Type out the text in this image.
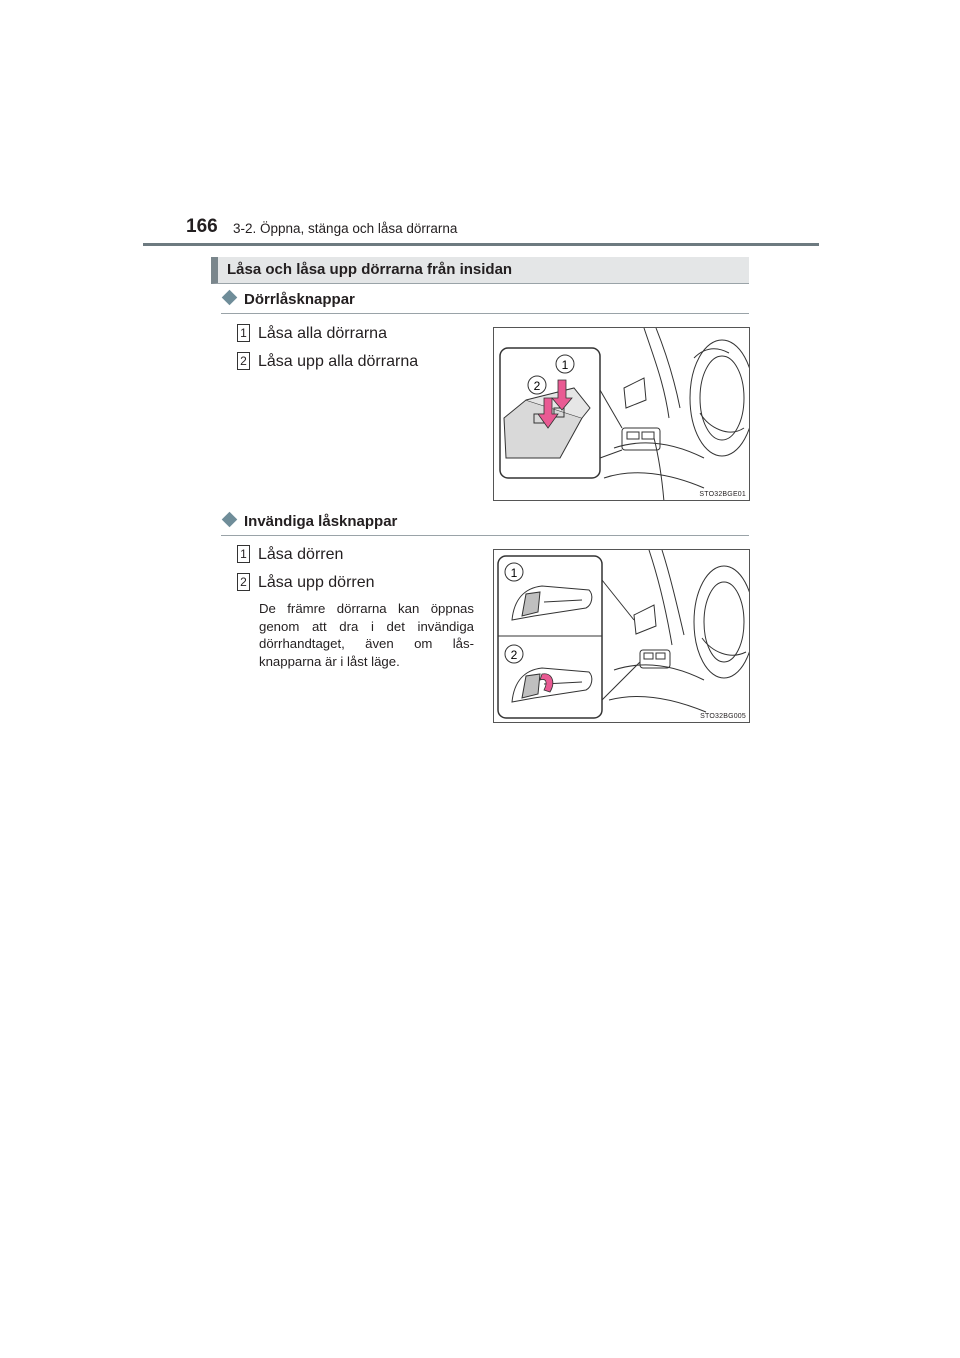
166 3-2. Öppna, stänga och låsa dörrarna
Låsa och låsa upp dörrarna från insidan
Dörrlåsknappar
1 Låsa alla dörrarna
2 Låsa upp alla dörrarna	1
2
STO32BGE01
Invändiga låsknappar
1 Låsa dörren
2 Låsa upp dörren
De främre dörrarna kan öppnas genom att dra i det invändiga dörrhandtaget, även om lås-knapparna är i låst läge.
1
2
STO32BG005
